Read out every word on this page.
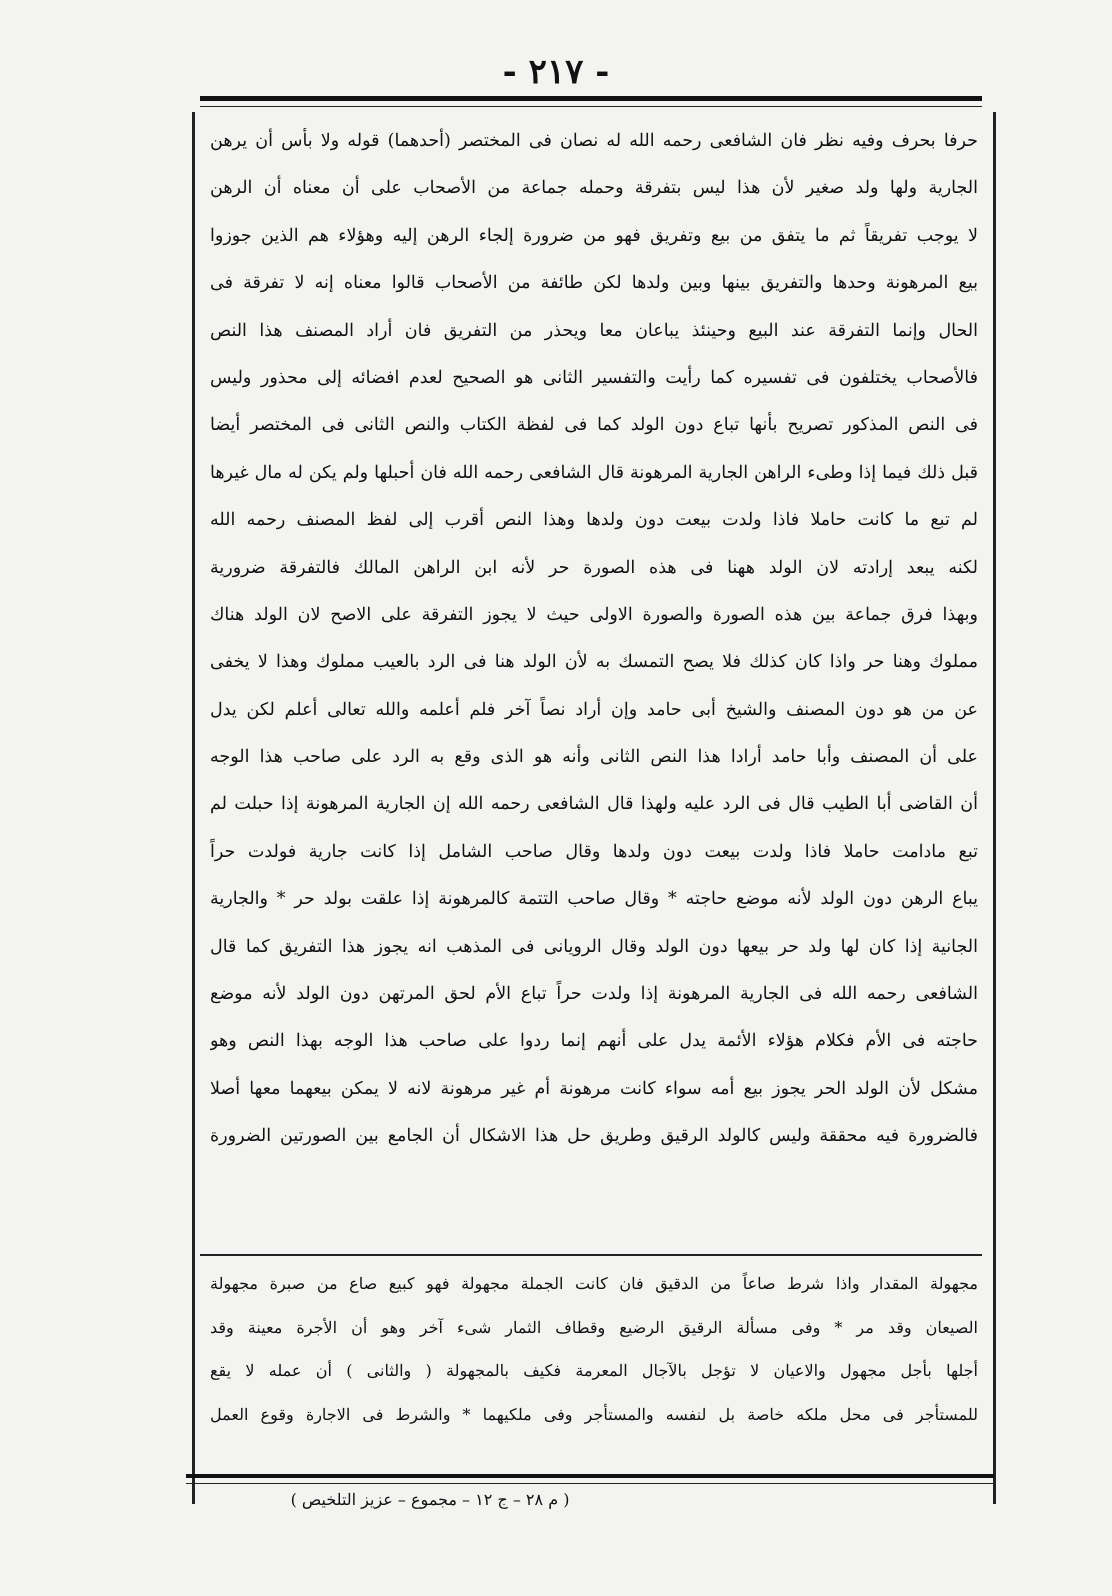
- ٢١٧ -
حرفا بحرف وفيه نظر فان الشافعى رحمه الله له نصان فى المختصر (أحدهما) قوله ولا بأس أن يرهن
الجارية ولها ولد صغير لأن هذا ليس بتفرقة وحمله جماعة من الأصحاب على أن معناه أن الرهن
لا يوجب تفريقاً ثم ما يتفق من بيع وتفريق فهو من ضرورة إلجاء الرهن إليه وهؤلاء هم الذين جوزوا
بيع المرهونة وحدها والتفريق بينها وبين ولدها لكن طائفة من الأصحاب قالوا معناه إنه لا تفرقة فى
الحال وإنما التفرقة عند البيع وحينئذ يباعان معا ويحذر من التفريق فان أراد المصنف هذا النص
فالأصحاب يختلفون فى تفسيره كما رأيت والتفسير الثانى هو الصحيح لعدم افضائه إلى محذور وليس
فى النص المذكور تصريح بأنها تباع دون الولد كما فى لفظة الكتاب والنص الثانى فى المختصر أيضا
قبل ذلك فيما إذا وطىء الراهن الجارية المرهونة قال الشافعى رحمه الله فان أحبلها ولم يكن له مال غيرها
لم تبع ما كانت حاملا فاذا ولدت بيعت دون ولدها وهذا النص أقرب إلى لفظ المصنف رحمه الله
لكنه يبعد إرادته لان الولد ههنا فى هذه الصورة حر لأنه ابن الراهن المالك فالتفرقة ضرورية
وبهذا فرق جماعة بين هذه الصورة والصورة الاولى حيث لا يجوز التفرقة على الاصح لان الولد هناك
مملوك وهنا حر واذا كان كذلك فلا يصح التمسك به لأن الولد هنا فى الرد بالعيب مملوك وهذا لا يخفى
عن من هو دون المصنف والشيخ أبى حامد وإن أراد نصاً آخر فلم أعلمه والله تعالى أعلم لكن يدل
على أن المصنف وأبا حامد أرادا هذا النص الثانى وأنه هو الذى وقع به الرد على صاحب هذا الوجه
أن القاضى أبا الطيب قال فى الرد عليه ولهذا قال الشافعى رحمه الله إن الجارية المرهونة إذا حبلت لم
تبع مادامت حاملا فاذا ولدت بيعت دون ولدها وقال صاحب الشامل إذا كانت جارية فولدت حراً
يباع الرهن دون الولد لأنه موضع حاجته * وقال صاحب التتمة كالمرهونة إذا علقت بولد حر * والجارية
الجانية إذا كان لها ولد حر بيعها دون الولد وقال الرويانى فى المذهب انه يجوز هذا التفريق كما قال
الشافعى رحمه الله فى الجارية المرهونة إذا ولدت حراً تباع الأم لحق المرتهن دون الولد لأنه موضع
حاجته فى الأم فكلام هؤلاء الأئمة يدل على أنهم إنما ردوا على صاحب هذا الوجه بهذا النص وهو
مشكل لأن الولد الحر يجوز بيع أمه سواء كانت مرهونة أم غير مرهونة لانه لا يمكن بيعهما معها أصلا
فالضرورة فيه محققة وليس كالولد الرقيق وطريق حل هذا الاشكال أن الجامع بين الصورتين الضرورة
مجهولة المقدار واذا شرط صاعاً من الدقيق فان كانت الجملة مجهولة فهو كبيع صاع من صبرة مجهولة
الصيعان وقد مر * وفى مسألة الرقيق الرضيع وقطاف الثمار شىء آخر وهو أن الأجرة معينة وقد
أجلها بأجل مجهول والاعيان لا تؤجل بالآجال المعرمة فكيف بالمجهولة ( والثانى ) أن عمله لا يقع
للمستأجر فى محل ملكه خاصة بل لنفسه والمستأجر وفى ملكيهما * والشرط فى الاجارة وقوع العمل
( م ٢٨ – ج ١٢ – مجموع – عزيز التلخيص )
